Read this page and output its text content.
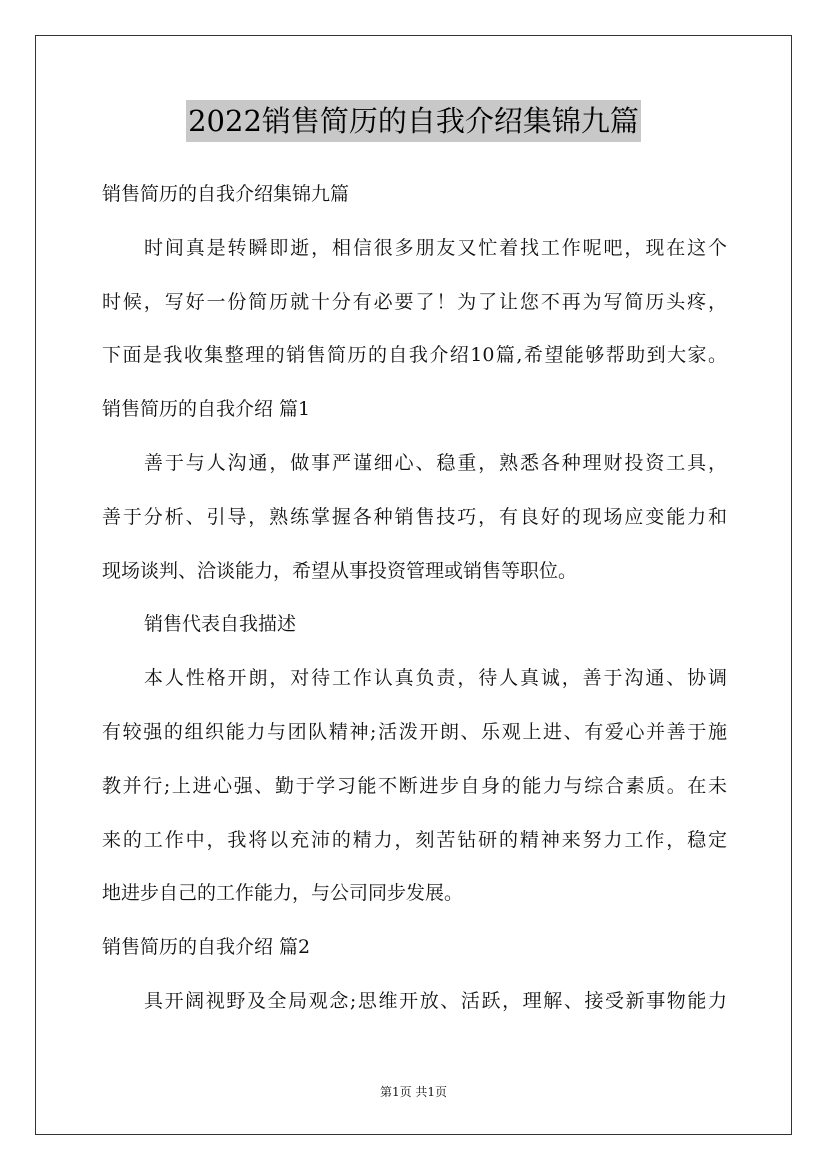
2022销售简历的自我介绍集锦九篇
销售简历的自我介绍集锦九篇
时间真是转瞬即逝，相信很多朋友又忙着找工作呢吧，现在这个
时候，写好一份简历就十分有必要了！为了让您不再为写简历头疼，
下面是我收集整理的销售简历的自我介绍10篇,希望能够帮助到大家。
销售简历的自我介绍 篇1
善于与人沟通，做事严谨细心、稳重，熟悉各种理财投资工具，
善于分析、引导，熟练掌握各种销售技巧，有良好的现场应变能力和
现场谈判、洽谈能力，希望从事投资管理或销售等职位。
销售代表自我描述
本人性格开朗，对待工作认真负责，待人真诚，善于沟通、协调
有较强的组织能力与团队精神;活泼开朗、乐观上进、有爱心并善于施
教并行;上进心强、勤于学习能不断进步自身的能力与综合素质。在未
来的工作中，我将以充沛的精力，刻苦钻研的精神来努力工作，稳定
地进步自己的工作能力，与公司同步发展。
销售简历的自我介绍 篇2
具开阔视野及全局观念;思维开放、活跃，理解、接受新事物能力
第1页 共1页
